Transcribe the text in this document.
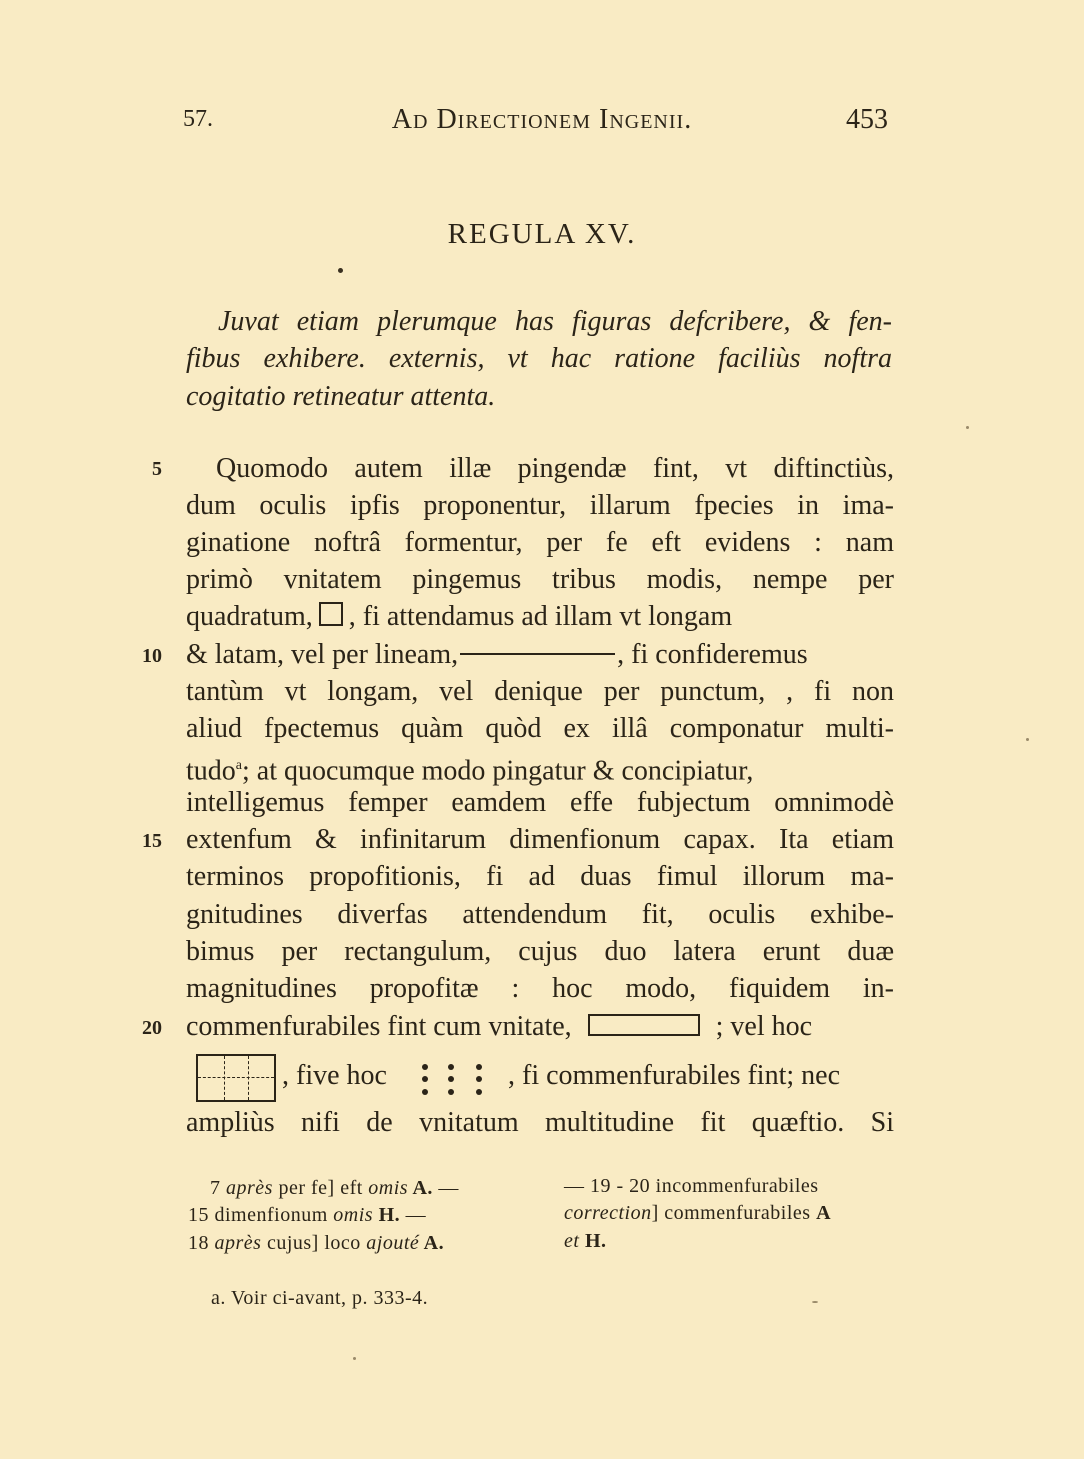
57.	Ad Directionem Ingenii.	453
REGULA XV.
Juvat etiam plerumque has figuras defcribere, & fen-
fibus exhibere. externis, vt hac ratione faciliùs noftra
cogitatio retineatur attenta.
Quomodo autem illæ pingendæ fint, vt diftinctiùs,
dum oculis ipfis proponentur, illarum fpecies in ima-
ginatione noftrâ formentur, per fe eft evidens : nam
primò vnitatem pingemus tribus modis, nempe per
quadratum, , fi attendamus ad illam vt longam
& latam, vel per lineam,	, fi confideremus
tantùm vt longam, vel denique per punctum, , fi non
aliud fpectemus quàm quòd ex illâ componatur multi-
tudo$^a$; at quocumque modo pingatur & concipiatur,
intelligemus femper eamdem effe fubjectum omnimodè
extenfum & infinitarum dimenfionum capax. Ita etiam
terminos propofitionis, fi ad duas fimul illorum ma-
gnitudines diverfas attendendum fit, oculis exhibe-
bimus per rectangulum, cujus duo latera erunt duæ
magnitudines propofitæ : hoc modo, fiquidem in-
commenfurabiles fint cum vnitate,	; vel hoc
, five hoc	, fi commenfurabiles fint; nec
ampliùs nifi de vnitatum multitudine fit quæftio. Si
5
10
15
20
7 après per fe] eft omis A. —
15 dimenfionum omis H. —
18 après cujus] loco ajouté A.
— 19 - 20 incommenfurabiles
correction] commenfurabiles A
et H.
a. Voir ci-avant, p. 333-4.
